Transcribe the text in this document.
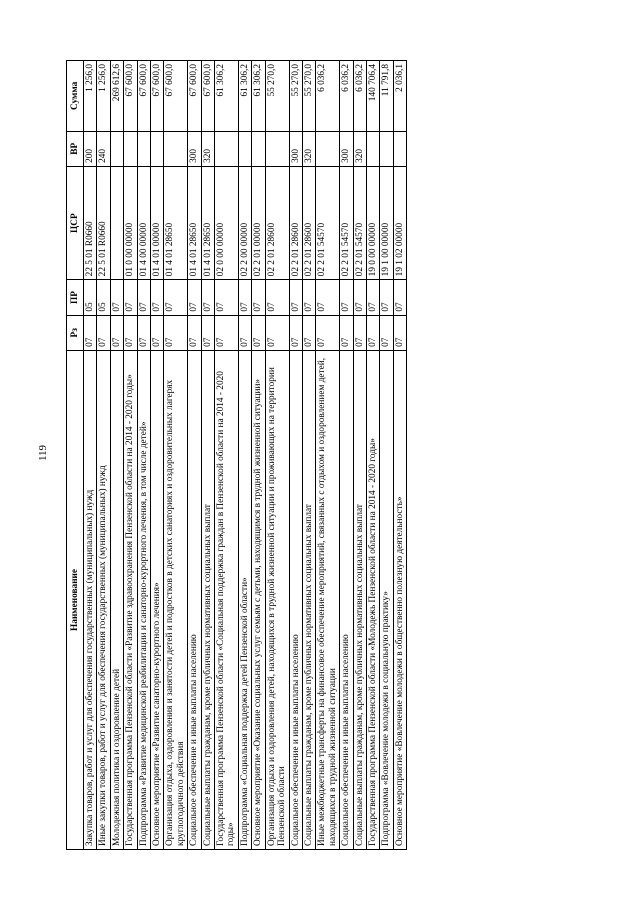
119
Наименование	Рз	ПР	ЦСР	ВР	Сумма
Закупка товаров, работ и услуг для обеспечения государственных (муниципальных) нужд	07	05	22 5 01 R0660	200	1 256,0
Иные закупки товаров, работ и услуг для обеспечения государственных (муниципальных) нужд	07	05	22 5 01 R0660	240	1 256,0
Молодежная политика и оздоровление детей	07	07			269 612,6
Государственная программа Пензенской области «Развитие здравоохранения Пензенской области на 2014 - 2020 годы»	07	07	01 0 00 00000		67 600,0
Подпрограмма «Развитие медицинской реабилитации и санаторно-курортного лечения, в том числе детей»	07	07	01 4 00 00000		67 600,0
Основное мероприятие «Развитие санаторно-курортного лечения»	07	07	01 4 01 00000		67 600,0
Организация отдыха, оздоровления и занятости детей и подростков в детских санаториях и оздоровительных лагерях круглогодичного действия	07	07	01 4 01 28650		67 600,0
Социальное обеспечение и иные выплаты населению	07	07	01 4 01 28650	300	67 600,0
Социальные выплаты гражданам, кроме публичных нормативных социальных выплат	07	07	01 4 01 28650	320	67 600,0
Государственная программа Пензенской области «Социальная поддержка граждан в Пензенской области на 2014 - 2020 годы»	07	07	02 0 00 00000		61 306,2
Подпрограмма «Социальная поддержка детей Пензенской области»	07	07	02 2 00 00000		61 306,2
Основное мероприятие «Оказание социальных услуг семьям с детьми, находящимся в трудной жизненной ситуации»	07	07	02 2 01 00000		61 306,2
Организация отдыха и оздоровления детей, находящихся в трудной жизненной ситуации и проживающих на территории Пензенской области	07	07	02 2 01 28600		55 270,0
Социальное обеспечение и иные выплаты населению	07	07	02 2 01 28600	300	55 270,0
Социальные выплаты гражданам, кроме публичных нормативных социальных выплат	07	07	02 2 01 28600	320	55 270,0
Иные межбюджетные трансферты на финансовое обеспечение мероприятий, связанных с отдыхом и оздоровлением детей, находящихся в трудной жизненной ситуации	07	07	02 2 01 54570		6 036,2
Социальное обеспечение и иные выплаты населению	07	07	02 2 01 54570	300	6 036,2
Социальные выплаты гражданам, кроме публичных нормативных социальных выплат	07	07	02 2 01 54570	320	6 036,2
Государственная программа Пензенской области «Молодежь Пензенской области на 2014 - 2020 годы»	07	07	19 0 00 00000		140 706,4
Подпрограмма «Вовлечение молодежи в социальную практику»	07	07	19 1 00 00000		11 791,8
Основное мероприятие «Вовлечение молодежи в общественно полезную деятельность»	07	07	19 1 02 00000		2 036,1
